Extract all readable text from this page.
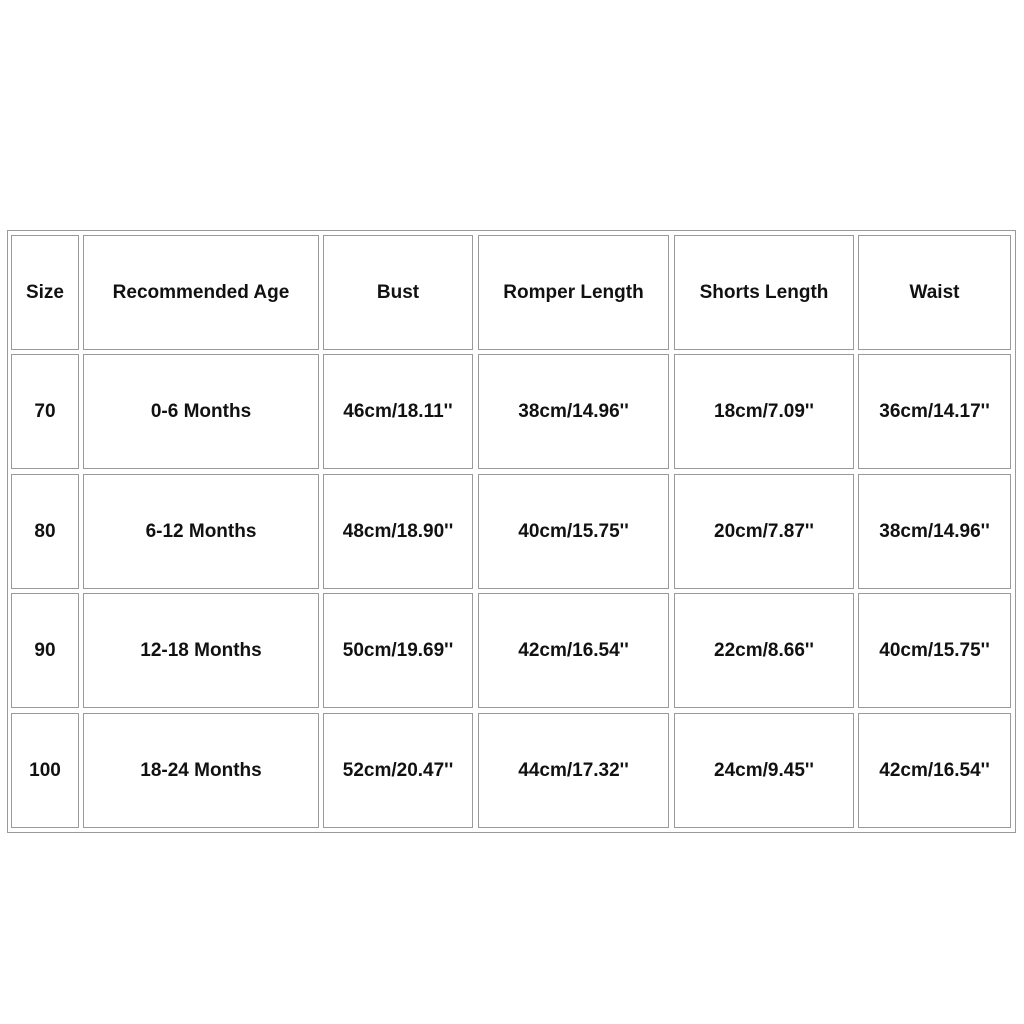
Size	Recommended Age	Bust	Romper Length	Shorts Length	Waist
70	0-6 Months	46cm/18.11''	38cm/14.96''	18cm/7.09''	36cm/14.17''
80	6-12 Months	48cm/18.90''	40cm/15.75''	20cm/7.87''	38cm/14.96''
90	12-18 Months	50cm/19.69''	42cm/16.54''	22cm/8.66''	40cm/15.75''
100	18-24 Months	52cm/20.47''	44cm/17.32''	24cm/9.45''	42cm/16.54''
